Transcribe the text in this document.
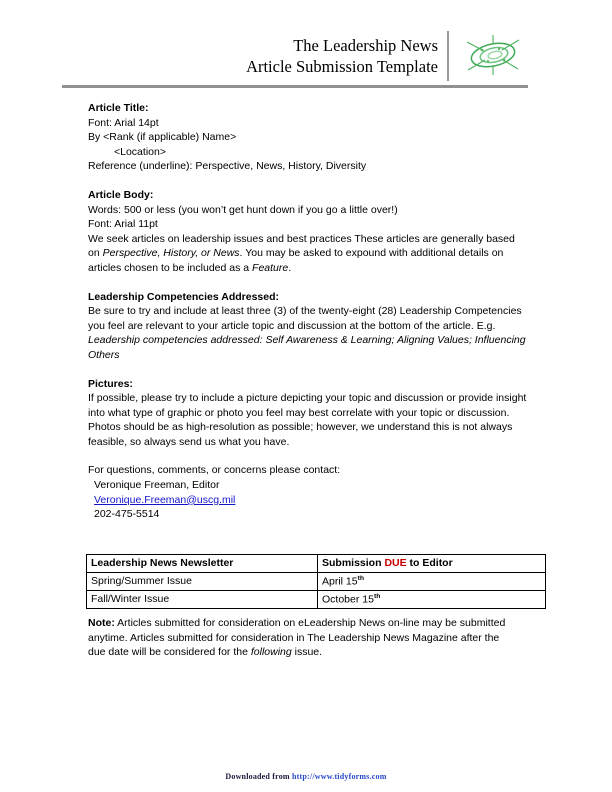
The Leadership News
Article Submission Template
Article Title:
Font: Arial 14pt
By <Rank (if applicable) Name>
<Location>
Reference (underline): Perspective, News, History, Diversity
Article Body:
Words: 500 or less (you won’t get hunt down if you go a little over!)
Font: Arial 11pt
We seek articles on leadership issues and best practices These articles are generally based on Perspective, History, or News. You may be asked to expound with additional details on articles chosen to be included as a Feature.
Leadership Competencies Addressed:
Be sure to try and include at least three (3) of the twenty-eight (28) Leadership Competencies you feel are relevant to your article topic and discussion at the bottom of the article. E.g. Leadership competencies addressed: Self Awareness & Learning; Aligning Values; Influencing Others
Pictures:
If possible, please try to include a picture depicting your topic and discussion or provide insight into what type of graphic or photo you feel may best correlate with your topic or discussion.
Photos should be as high-resolution as possible; however, we understand this is not always feasible, so always send us what you have.
For questions, comments, or concerns please contact:
Veronique Freeman, Editor
Veronique.Freeman@uscg.mil
202-475-5514
Leadership News Newsletter	Submission DUE to Editor
Spring/Summer Issue	April 15th
Fall/Winter Issue	October 15th
Note: Articles submitted for consideration on eLeadership News on-line may be submitted anytime. Articles submitted for consideration in The Leadership News Magazine after the due date will be considered for the following issue.
Downloaded from http://www.tidyforms.com
